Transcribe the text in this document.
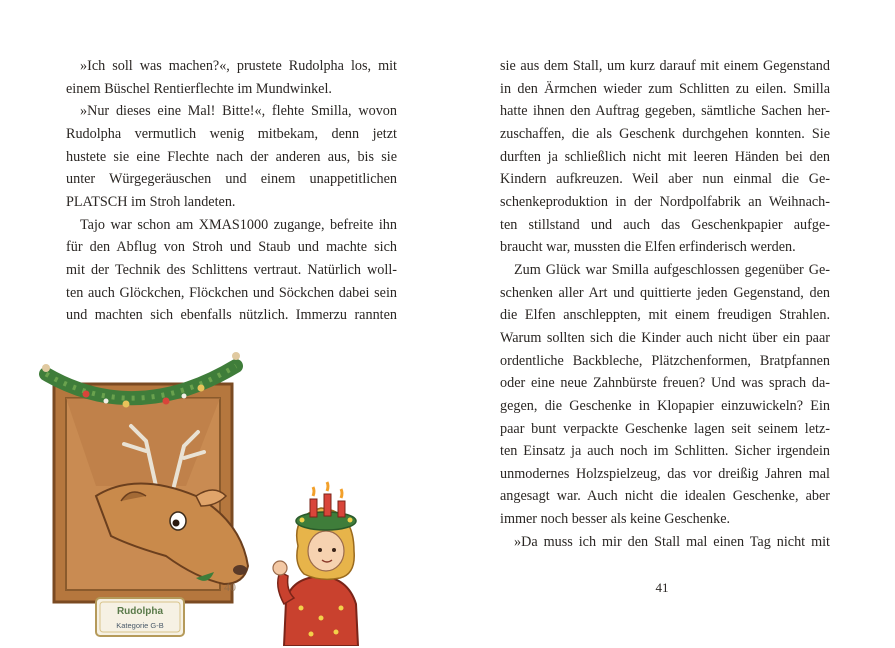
»Ich soll was machen?«, prustete Rudolpha los, mit
einem Büschel Rentierflechte im Mundwinkel.
»Nur dieses eine Mal! Bitte!«, flehte Smilla, wovon
Rudolpha vermutlich wenig mitbekam, denn jetzt
hustete sie eine Flechte nach der anderen aus, bis sie
unter Würgegeräuschen und einem unappetitlichen
PLATSCH im Stroh landeten.
Tajo war schon am XMAS1000 zugange, befreite ihn
für den Abflug von Stroh und Staub und machte sich
mit der Technik des Schlittens vertraut. Natürlich woll-
ten auch Glöckchen, Flöckchen und Söckchen dabei sein
und machten sich ebenfalls nützlich. Immerzu rannten
Rudolpha
Kategorie G-B
sie aus dem Stall, um kurz darauf mit einem Gegenstand
in den Ärmchen wieder zum Schlitten zu eilen. Smilla
hatte ihnen den Auftrag gegeben, sämtliche Sachen her-
zuschaffen, die als Geschenk durchgehen konnten. Sie
durften ja schließlich nicht mit leeren Händen bei den
Kindern aufkreuzen. Weil aber nun einmal die Ge-
schenkeproduktion in der Nordpolfabrik an Weihnach-
ten stillstand und auch das Geschenkpapier aufge-
braucht war, mussten die Elfen erfinderisch werden.
Zum Glück war Smilla aufgeschlossen gegenüber Ge-
schenken aller Art und quittierte jeden Gegenstand, den
die Elfen anschleppten, mit einem freudigen Strahlen.
Warum sollten sich die Kinder auch nicht über ein paar
ordentliche Backbleche, Plätzchenformen, Bratpfannen
oder eine neue Zahnbürste freuen? Und was sprach da-
gegen, die Geschenke in Klopapier einzuwickeln? Ein
paar bunt verpackte Geschenke lagen seit seinem letz-
ten Einsatz ja auch noch im Schlitten. Sicher irgendein
unmodernes Holzspielzeug, das vor dreißig Jahren mal
angesagt war. Auch nicht die idealen Geschenke, aber
immer noch besser als keine Geschenke.
»Da muss ich mir den Stall mal einen Tag nicht mit
40	41
